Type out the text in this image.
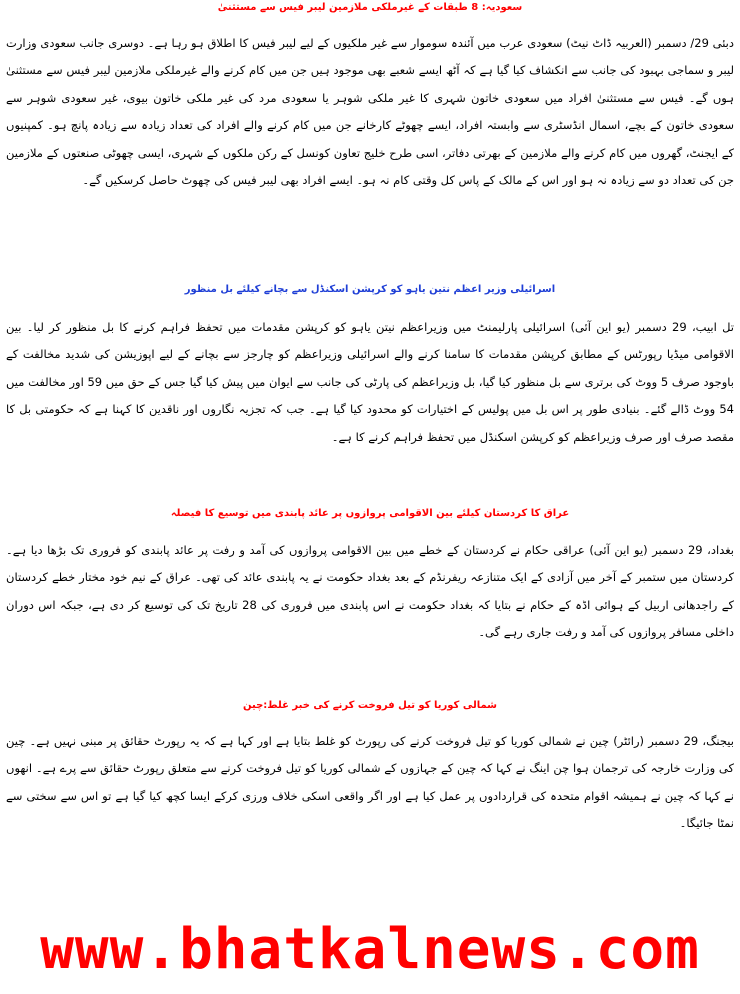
سعودیہ: 8 طبقات کے غیرملکی ملازمین لیبر فیس سے مستثنیٰ

دبئی 29/ دسمبر (العربیہ ڈاٹ نیٹ) سعودی عرب میں آئندہ سوموار سے غیر ملکیوں کے لیے لیبر فیس کا اطلاق ہو رہا ہے۔ دوسری جانب سعودی وزارت لیبر و سماجی بہبود کی جانب سے انکشاف کیا گیا ہے کہ آٹھ ایسے شعبے بھی موجود ہیں جن میں کام کرنے والے غیرملکی ملازمین لیبر فیس سے مستثنیٰ ہوں گے۔ فیس سے مستثنیٰ افراد میں سعودی خاتون شہری کا غیر ملکی شوہر یا سعودی مرد کی غیر ملکی خاتون بیوی، غیر سعودی شوہر سے سعودی خاتون کے بچے، اسمال انڈسٹری سے وابستہ افراد، ایسے چھوٹے کارخانے جن میں کام کرنے والے افراد کی تعداد زیادہ سے زیادہ پانچ ہو۔ کمپنیوں کے ایجنٹ، گھروں میں کام کرنے والے ملازمین کے بھرتی دفاتر، اسی طرح خلیج تعاون کونسل کے رکن ملکوں کے شہری، ایسی چھوٹی صنعتوں کے ملازمین جن کی تعداد دو سے زیادہ نہ ہو اور اس کے مالک کے پاس کل وقتی کام نہ ہو۔ ایسے افراد بھی لیبر فیس کی چھوٹ حاصل کرسکیں گے۔

اسرائیلی وزیر اعظم نتین یاہو کو کرپشن اسکنڈل سے بچانے کیلئے بل منظور

تل ابیب، 29 دسمبر (یو این آئی) اسرائیلی پارلیمنٹ میں وزیراعظم نیتن یاہو کو کرپشن مقدمات میں تحفظ فراہم کرنے کا بل منظور کر لیا۔ بین الاقوامی میڈیا رپورٹس کے مطابق کرپشن مقدمات کا سامنا کرنے والے اسرائیلی وزیراعظم کو چارجز سے بچانے کے لیے اپوزیشن کی شدید مخالفت کے باوجود صرف 5 ووٹ کی برتری سے بل منظور کیا گیا، بل وزیراعظم کی پارٹی کی جانب سے ایوان میں پیش کیا گیا جس کے حق میں 59 اور مخالفت میں 54 ووٹ ڈالے گئے۔ بنیادی طور پر اس بل میں پولیس کے اختیارات کو محدود کیا گیا ہے۔ جب کہ تجزیہ نگاروں اور ناقدین کا کہنا ہے کہ حکومتی بل کا مقصد صرف اور صرف وزیراعظم کو کرپشن اسکنڈل میں تحفظ فراہم کرنے کا ہے۔

عراق کا کردستان کیلئے بین الاقوامی پروازوں پر عائد پابندی میں توسیع کا فیصلہ

بغداد، 29 دسمبر (یو این آئی) عراقی حکام نے کردستان کے خطے میں بین الاقوامی پروازوں کی آمد و رفت پر عائد پابندی کو فروری تک بڑھا دیا ہے۔ کردستان میں ستمبر کے آخر میں آزادی کے ایک متنازعہ ریفرنڈم کے بعد بغداد حکومت نے یہ پابندی عائد کی تھی۔ عراق کے نیم خود مختار خطے کردستان کے راجدھانی اربیل کے ہوائی اڈہ کے حکام نے بتایا کہ بغداد حکومت نے اس پابندی میں فروری کی 28 تاریخ تک کی توسیع کر دی ہے، جبکہ اس دوران داخلی مسافر پروازوں کی آمد و رفت جاری رہے گی۔

شمالی کوریا کو تیل فروخت کرنے کی خبر غلط:چین

بیجنگ، 29 دسمبر (رائٹر) چین نے شمالی کوریا کو تیل فروخت کرنے کی رپورٹ کو غلط بتایا ہے اور کہا ہے کہ یہ رپورٹ حقائق پر مبنی نہیں ہے۔ چین کی وزارت خارجہ کی ترجمان ہوا چن اینگ نے کہا کہ چین کے جہازوں کے شمالی کوریا کو تیل فروخت کرنے سے متعلق رپورٹ حقائق سے پرے ہے۔ انھوں نے کہا کہ چین نے ہمیشہ اقوام متحدہ کی قراردادوں پر عمل کیا ہے اور اگر واقعی اسکی خلاف ورزی کرکے ایسا کچھ کیا گیا ہے تو اس سے سختی سے نمٹا جائیگا۔

www.bhatkalnews.com
